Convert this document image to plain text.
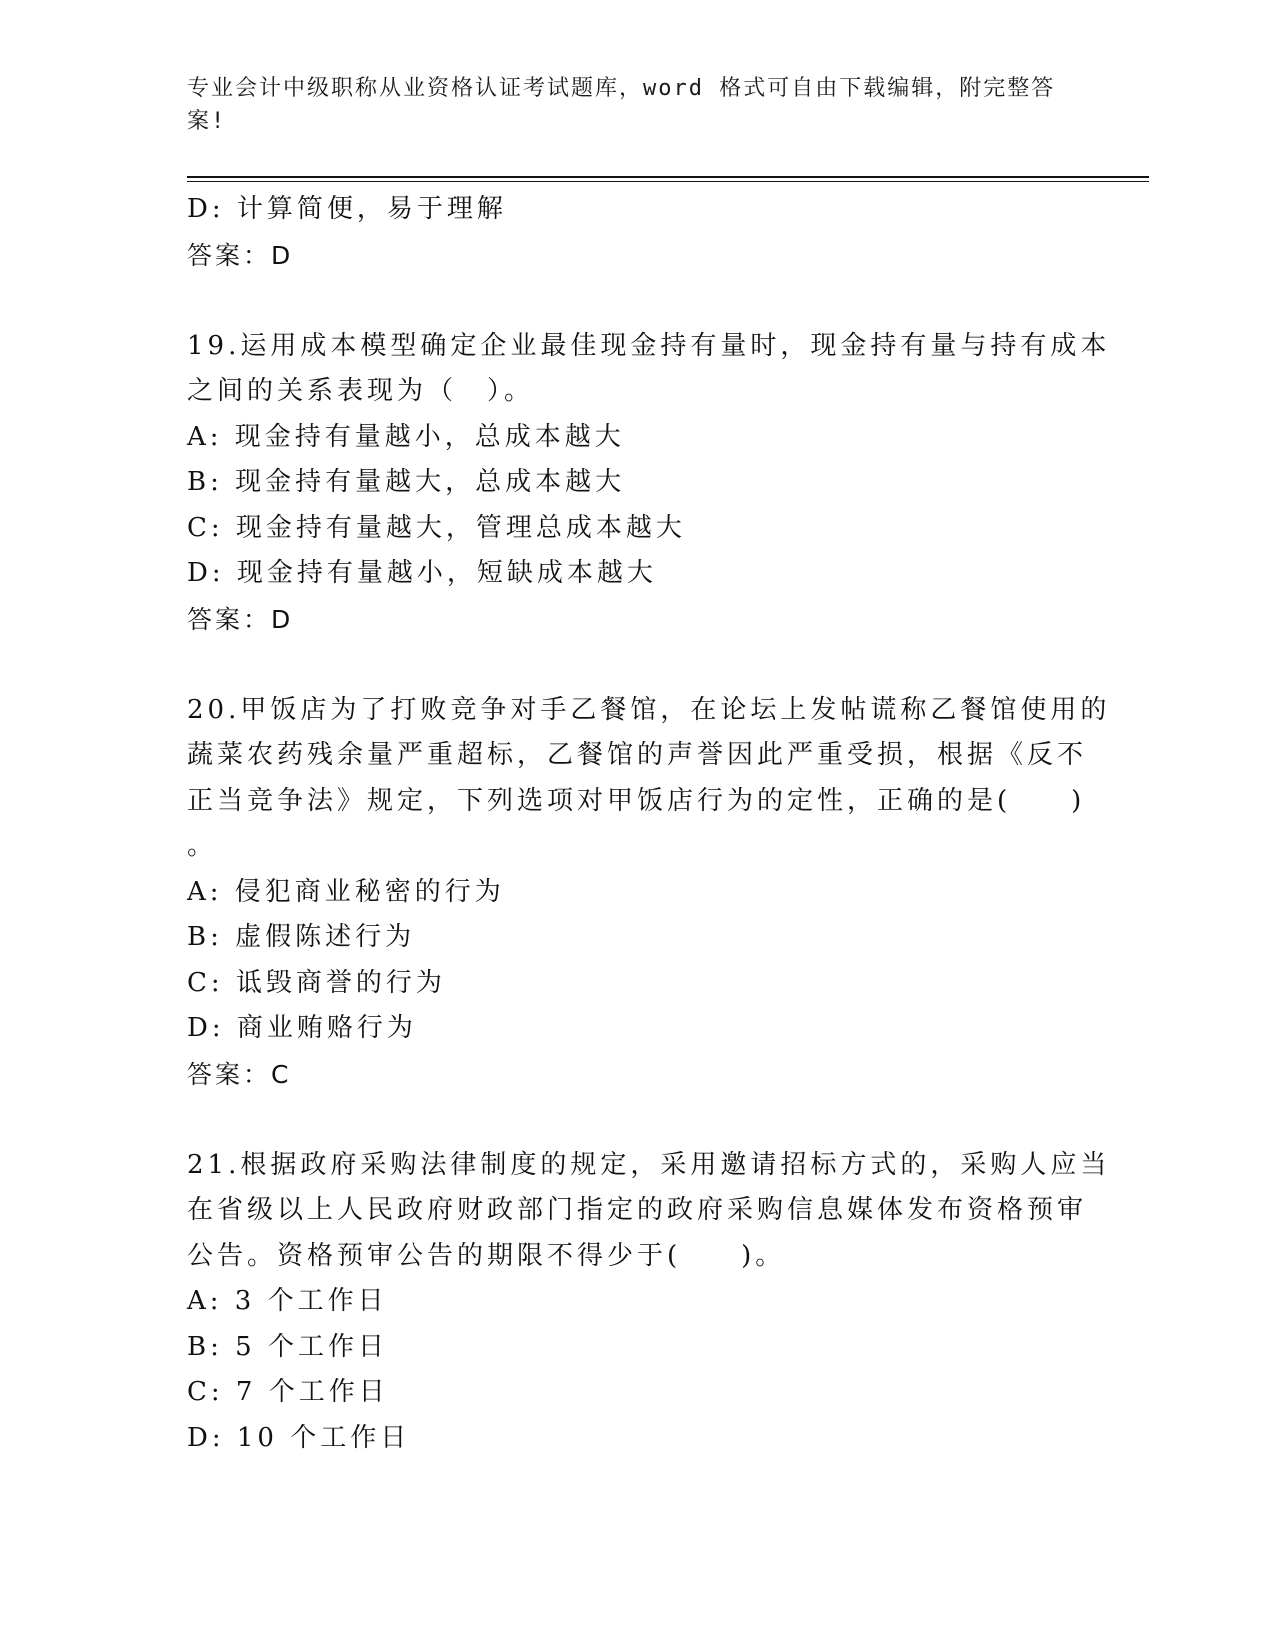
专业会计中级职称从业资格认证考试题库，word 格式可自由下载编辑，附完整答
案!

D: 计算简便，易于理解

答案：D

19.运用成本模型确定企业最佳现金持有量时，现金持有量与持有成本

之间的关系表现为（　）。

A: 现金持有量越小，总成本越大

B: 现金持有量越大，总成本越大

C: 现金持有量越大，管理总成本越大

D: 现金持有量越小，短缺成本越大

答案：D

20.甲饭店为了打败竞争对手乙餐馆，在论坛上发帖谎称乙餐馆使用的

蔬菜农药残余量严重超标，乙餐馆的声誉因此严重受损，根据《反不

正当竞争法》规定，下列选项对甲饭店行为的定性，正确的是(　　)

。

A: 侵犯商业秘密的行为

B: 虚假陈述行为

C: 诋毁商誉的行为

D: 商业贿赂行为

答案：C

21.根据政府采购法律制度的规定，采用邀请招标方式的，采购人应当

在省级以上人民政府财政部门指定的政府采购信息媒体发布资格预审

公告。资格预审公告的期限不得少于(　　)。

A: 3 个工作日

B: 5 个工作日

C: 7 个工作日

D: 10 个工作日
